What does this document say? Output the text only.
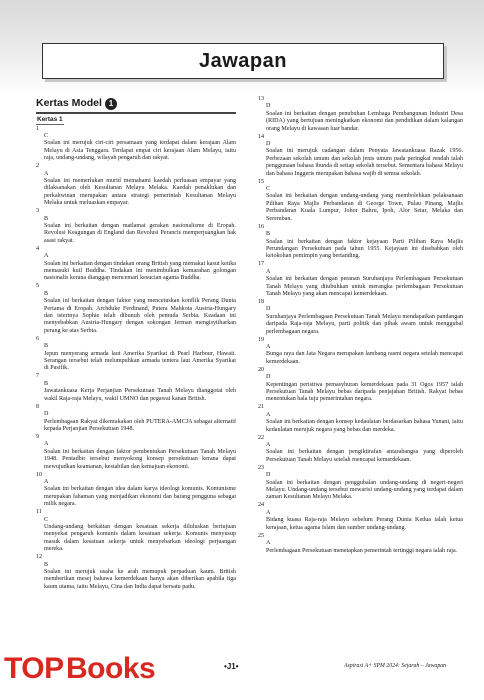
Jawapan
Kertas Model 1
Kertas 1
1
C
Soalan ini merujuk ciri-ciri persamaan yang terdapat dalam kerajaan Alam Melayu di Asia Tenggara. Terdapat empat ciri kerajaan Alam Melayu, iaitu raja, undang-undang, wilayah pengaruh dan rakyat.
2
A
Soalan ini memerlukan murid memahami kaedah perluasan empayar yang dilaksanakan oleh Kesultanan Melayu Melaka. Kaedah penaklukan dan perkahwinan merupakan antara strategi pemerintah Kesultanan Melayu Melaka untuk meluaskan empayar.
3
B
Soalan ini berkaitan dengan matlamat gerakan nasionalisme di Eropah. Revolusi Keagungan di England dan Revolusi Perancis memperjuangkan hak asasi rakyat.
4
A
Soalan ini berkaitan dengan tindakan orang British yang memakai kasut ketika memasuki kuil Buddha. Tindakan ini menimbulkan kemarahan golongan nasionalis kerana dianggap mencemari kesucian agama Buddha.
5
B
Soalan ini berkaitan dengan faktor yang mencetuskan konflik Perang Dunia Pertama di Eropah. Archduke Ferdinand, Putera Mahkota Austria-Hungary dan isterinya Sophie telah dibunuh oleh pemuda Serbia. Keadaan ini menyebabkan Austria-Hungary dengan sokongan Jerman mengisytiharkan perang ke atas Serbia.
6
B
Jepun menyerang armada laut Amerika Syarikat di Pearl Harbour, Hawaii. Serangan tersebut telah melumpuhkan armada tentera laut Amerika Syarikat di Pasifik.
7
B
Jawatankuasa Kerja Perjanjian Persekutuan Tanah Melayu dianggotai oleh wakil Raja-raja Melayu, wakil UMNO dan pegawai kanan British.
8
D
Perlembagaan Rakyat dikemukakan oleh PUTERA-AMCJA sebagai alternatif kepada Perjanjian Persekutuan 1948.
9
A
Soalan ini berkaitan dengan faktor pembentukan Persekutuan Tanah Melayu 1948. Pentadbir tersebut menyokong konsep persekutuan kerana dapat mewujudkan keamanan, kestabilan dan kemajuan ekonomi.
10
A
Soalan ini berkaitan dengan idea dalam karya ideologi komunis. Komunisme merupakan fahaman yang menjadikan ekonomi dan barang pengguna sebagai milik negara.
11
C
Undang-undang berkaitan dengan kesatuan sekerja diluluskan bertujuan menyekat pengaruh komunis dalam kesatuan sekerja. Komunis menyusup masuk dalam kesatuan sekerja untuk menyebarkan ideologi perjuangan mereka.
12
B
Soalan ini merujuk usaha ke arah memupuk perpaduan kaum. British memberikan mesej bahawa kemerdekaan hanya akan diberikan apabila tiga kaum utama, iaitu Melayu, Cina dan India dapat bersatu padu.
13
D
Soalan ini berkaitan dengan penubuhan Lembaga Pembangunan Industri Desa (RIDA) yang bertujuan meningkatkan ekonomi dan pendidikan dalam kalangan orang Melayu di kawasan luar bandar.
14
D
Soalan ini merujuk cadangan dalam Penyata Jawatankuasa Razak 1956. Perbezaan sekolah umum dan sekolah jenis umum pada peringkat rendah ialah penggunaan bahasa ibunda di setiap sekolah tersebut. Sementara bahasa Melayu dan bahasa Inggeris merupakan bahasa wajib di semua sekolah.
15
C
Soalan ini berkaitan dengan undang-undang yang membolehkan pelaksanaan Pilihan Raya Majlis Perbandaran di George Town, Pulau Pinang, Majlis Perbandaran Kuala Lumpur, Johor Bahru, Ipoh, Alor Setar, Melaka dan Seremban.
16
B
Soalan ini berkaitan dengan faktor kejayaan Parti Pilihan Raya Majlis Perundangan Persekutuan pada tahun 1955. Kejayaan ini disebabkan oleh ketokohan pemimpin yang bertanding.
17
A
Soalan ini berkaitan dengan peranan Suruhanjaya Perlembagaan Persekutuan Tanah Melayu yang ditubuhkan untuk merangka perlembagaan Persekutuan Tanah Melayu yang akan mencapai kemerdekaan.
18
D
Suruhanjaya Perlembagaan Persekutuan Tanah Melayu mendapatkan pandangan daripada Raja-raja Melayu, parti politik dan pihak awam untuk menggubal perlembagaan negara.
19
A
Bunga raya dan Jata Negara merupakan lambang rasmi negara setelah mencapai kemerdekaan.
20
D
Kepentingan peristiwa pemasyhuran kemerdekaan pada 31 Ogos 1957 ialah Persekutuan Tanah Melayu bebas daripada penjajahan British. Rakyat bebas menentukan hala tuju pemerintahan negara.
21
A
Soalan ini berkaitan dengan konsep kedaulatan berdasarkan bahasa Yunani, iaitu kedaulatan merujuk negara yang bebas dan merdeka.
22
A
Soalan ini berkaitan dengan pengiktirafan antarabangsa yang diperoleh Persekutuan Tanah Melayu setelah mencapai kemerdekaan.
23
D
Soalan ini berkaitan dengan penggubalan undang-undang di negeri-negeri Melayu. Undang-undang tersebut mewarisi undang-undang yang terdapat dalam zaman Kesultanan Melayu Melaka.
24
A
Bidang kuasa Raja-raja Melayu sebelum Perang Dunia Kedua ialah ketua kerajaan, ketua agama Islam dan sumber undang-undang.
25
A
Perlembagaan Persekutuan menetapkan pemerintah tertinggi negara ialah raja.
•J1•	Aspirasi A+ SPM 2024: Sejarah – Jawapan
TOP Books
